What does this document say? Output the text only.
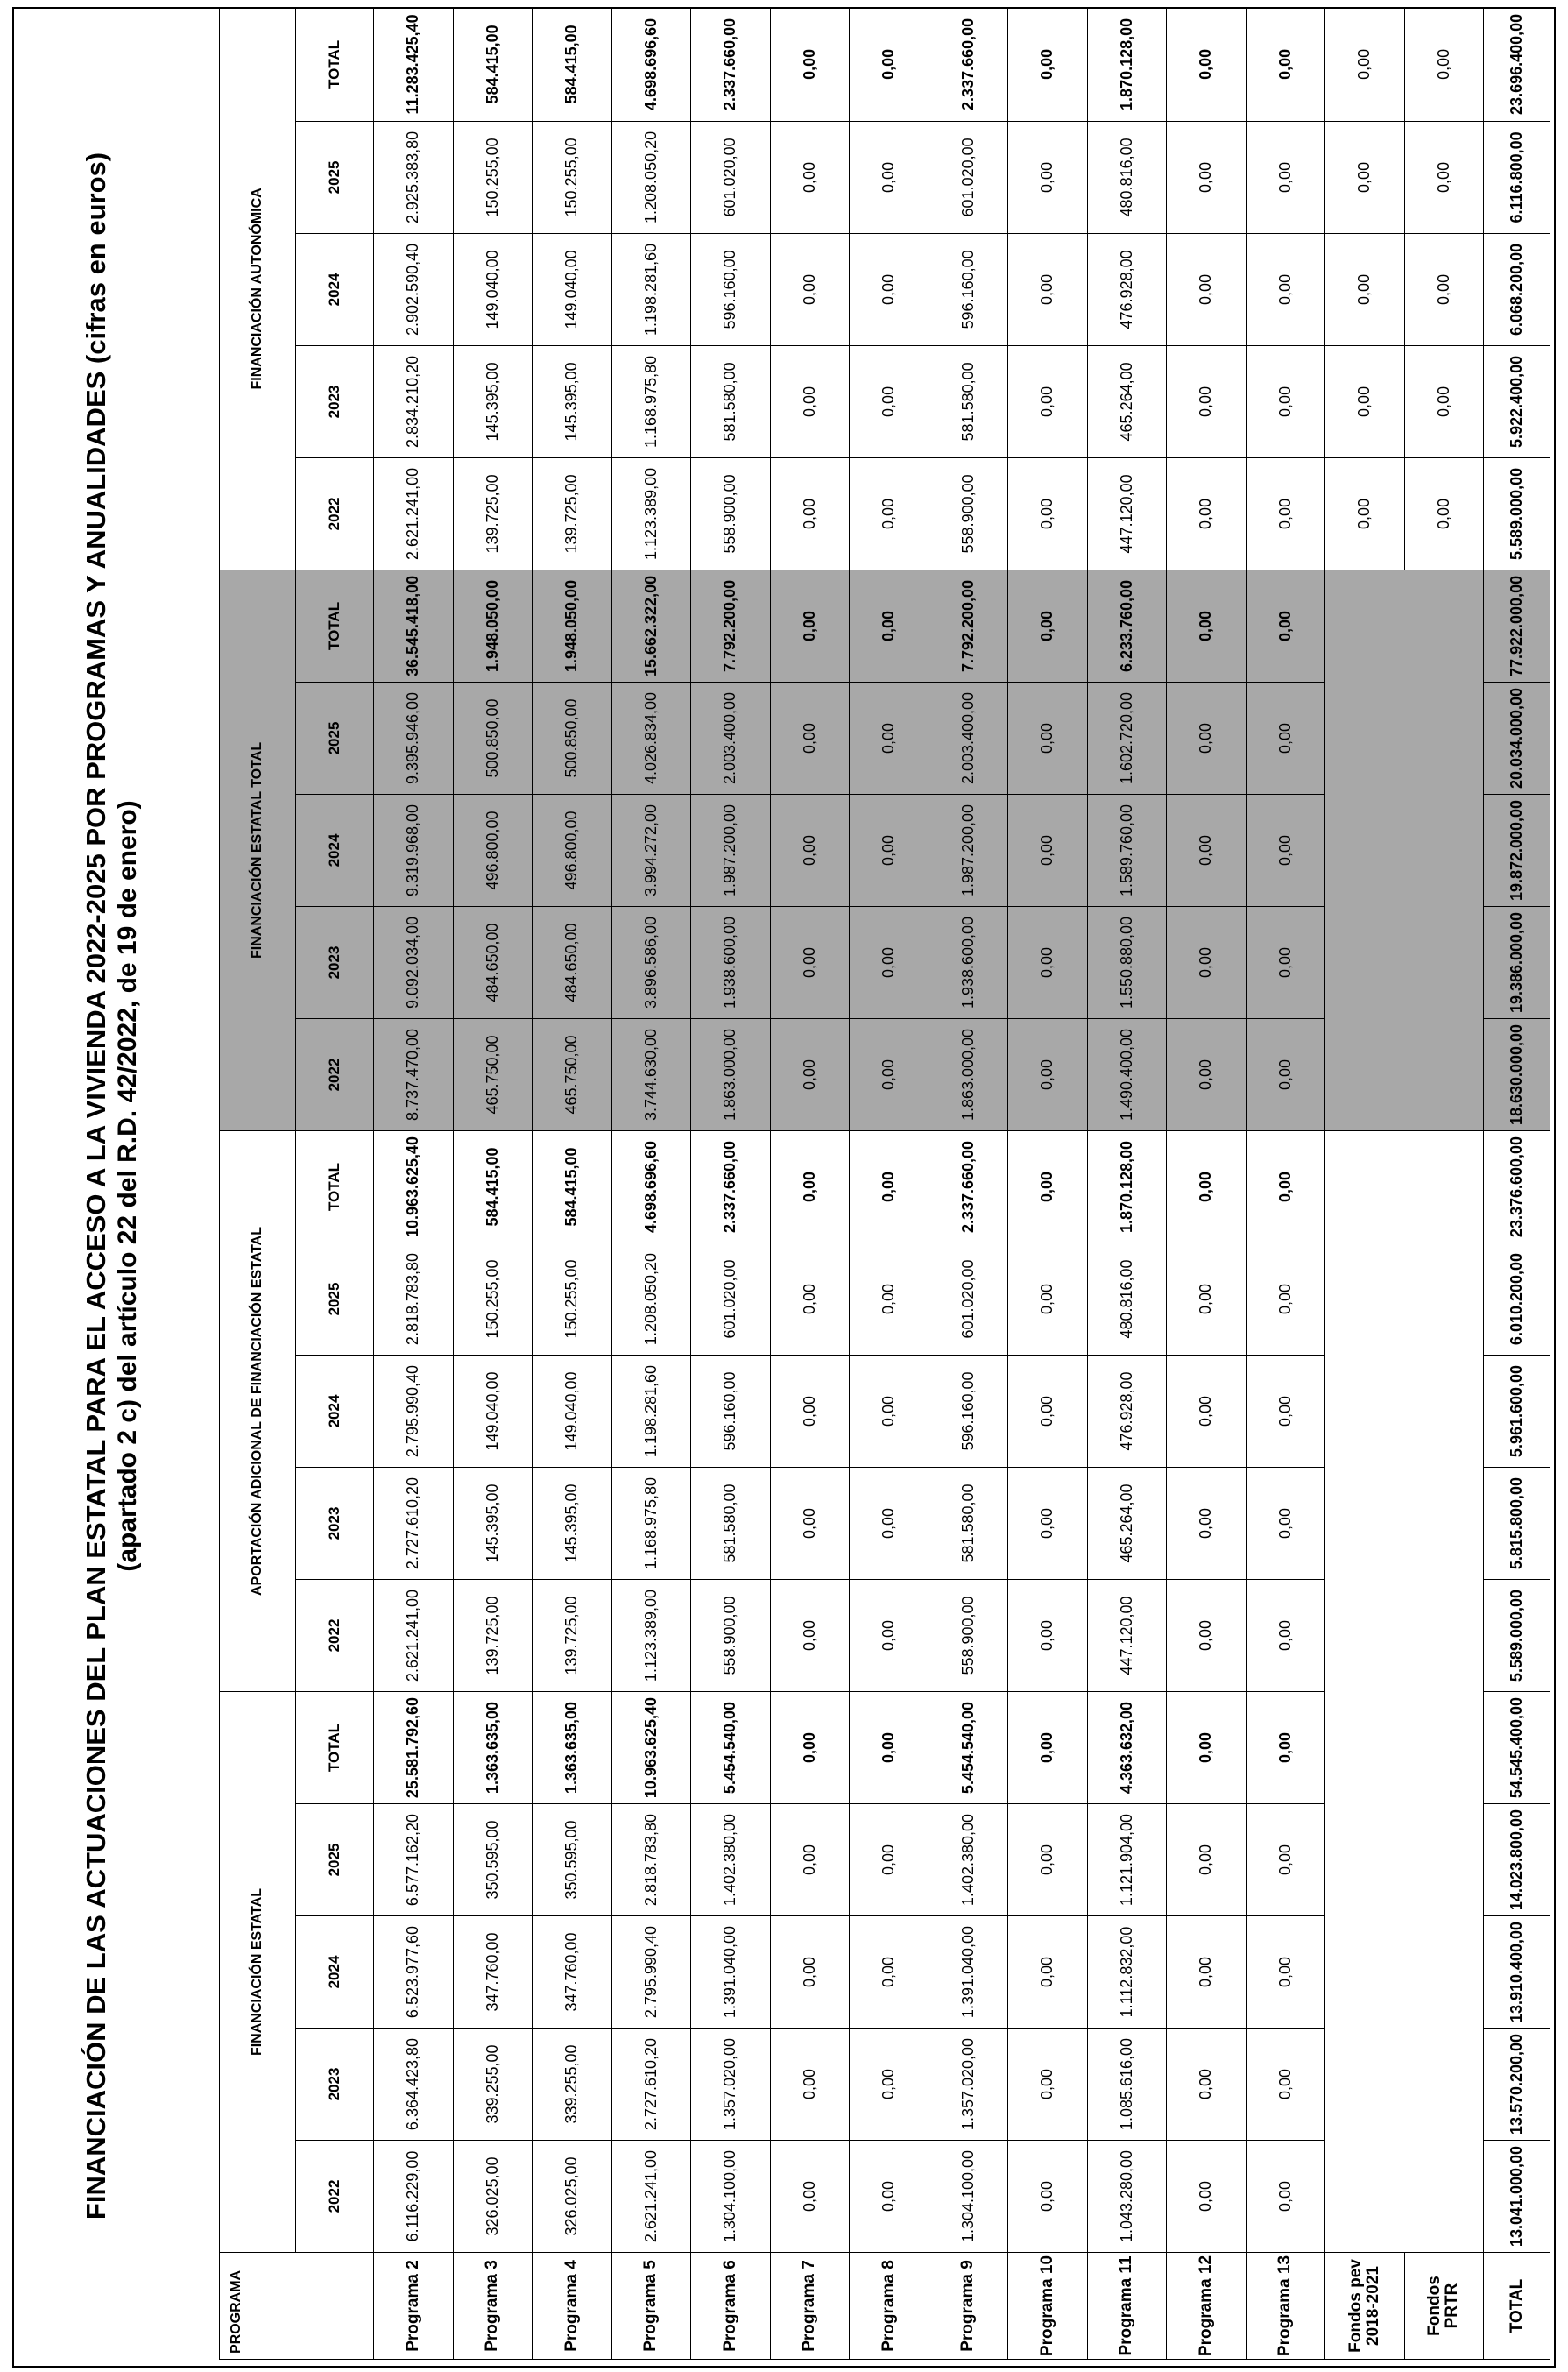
FINANCIACIÓN DE LAS ACTUACIONES DEL PLAN ESTATAL PARA EL ACCESO A LA VIVIENDA 2022-2025 POR PROGRAMAS Y ANUALIDADES (cifras en euros) (apartado 2 c) del artículo 22 del R.D. 42/2022, de 19 de enero)
PROGRAMA	FINANCIACIÓN ESTATAL					APORTACIÓN ADICIONAL DE FINANCIACIÓN ESTATAL					FINANCIACIÓN ESTATAL TOTAL					FINANCIACIÓN AUTONÓMICA				
	2022	2023	2024	2025	TOTAL	2022	2023	2024	2025	TOTAL	2022	2023	2024	2025	TOTAL	2022	2023	2024	2025	TOTAL
Programa 2	6.116.229,00	6.364.423,80	6.523.977,60	6.577.162,20	25.581.792,60	2.621.241,00	2.727.610,20	2.795.990,40	2.818.783,80	10.963.625,40	8.737.470,00	9.092.034,00	9.319.968,00	9.395.946,00	36.545.418,00	2.621.241,00	2.834.210,20	2.902.590,40	2.925.383,80	11.283.425,40
Programa 3	326.025,00	339.255,00	347.760,00	350.595,00	1.363.635,00	139.725,00	145.395,00	149.040,00	150.255,00	584.415,00	465.750,00	484.650,00	496.800,00	500.850,00	1.948.050,00	139.725,00	145.395,00	149.040,00	150.255,00	584.415,00
Programa 4	326.025,00	339.255,00	347.760,00	350.595,00	1.363.635,00	139.725,00	145.395,00	149.040,00	150.255,00	584.415,00	465.750,00	484.650,00	496.800,00	500.850,00	1.948.050,00	139.725,00	145.395,00	149.040,00	150.255,00	584.415,00
Programa 5	2.621.241,00	2.727.610,20	2.795.990,40	2.818.783,80	10.963.625,40	1.123.389,00	1.168.975,80	1.198.281,60	1.208.050,20	4.698.696,60	3.744.630,00	3.896.586,00	3.994.272,00	4.026.834,00	15.662.322,00	1.123.389,00	1.168.975,80	1.198.281,60	1.208.050,20	4.698.696,60
Programa 6	1.304.100,00	1.357.020,00	1.391.040,00	1.402.380,00	5.454.540,00	558.900,00	581.580,00	596.160,00	601.020,00	2.337.660,00	1.863.000,00	1.938.600,00	1.987.200,00	2.003.400,00	7.792.200,00	558.900,00	581.580,00	596.160,00	601.020,00	2.337.660,00
Programa 7	0,00	0,00	0,00	0,00	0,00	0,00	0,00	0,00	0,00	0,00	0,00	0,00	0,00	0,00	0,00	0,00	0,00	0,00	0,00	0,00
Programa 8	0,00	0,00	0,00	0,00	0,00	0,00	0,00	0,00	0,00	0,00	0,00	0,00	0,00	0,00	0,00	0,00	0,00	0,00	0,00	0,00
Programa 9	1.304.100,00	1.357.020,00	1.391.040,00	1.402.380,00	5.454.540,00	558.900,00	581.580,00	596.160,00	601.020,00	2.337.660,00	1.863.000,00	1.938.600,00	1.987.200,00	2.003.400,00	7.792.200,00	558.900,00	581.580,00	596.160,00	601.020,00	2.337.660,00
Programa 10	0,00	0,00	0,00	0,00	0,00	0,00	0,00	0,00	0,00	0,00	0,00	0,00	0,00	0,00	0,00	0,00	0,00	0,00	0,00	0,00
Programa 11	1.043.280,00	1.085.616,00	1.112.832,00	1.121.904,00	4.363.632,00	447.120,00	465.264,00	476.928,00	480.816,00	1.870.128,00	1.490.400,00	1.550.880,00	1.589.760,00	1.602.720,00	6.233.760,00	447.120,00	465.264,00	476.928,00	480.816,00	1.870.128,00
Programa 12	0,00	0,00	0,00	0,00	0,00	0,00	0,00	0,00	0,00	0,00	0,00	0,00	0,00	0,00	0,00	0,00	0,00	0,00	0,00	0,00
Programa 13	0,00	0,00	0,00	0,00	0,00	0,00	0,00	0,00	0,00	0,00	0,00	0,00	0,00	0,00	0,00	0,00	0,00	0,00	0,00	0,00
Fondos pev 2018-2021																0,00	0,00	0,00	0,00	0,00
Fondos PRTR																0,00	0,00	0,00	0,00	0,00
TOTAL	13.041.000,00	13.570.200,00	13.910.400,00	14.023.800,00	54.545.400,00	5.589.000,00	5.815.800,00	5.961.600,00	6.010.200,00	23.376.600,00	18.630.000,00	19.386.000,00	19.872.000,00	20.034.000,00	77.922.000,00	5.589.000,00	5.922.400,00	6.068.200,00	6.116.800,00	23.696.400,00
